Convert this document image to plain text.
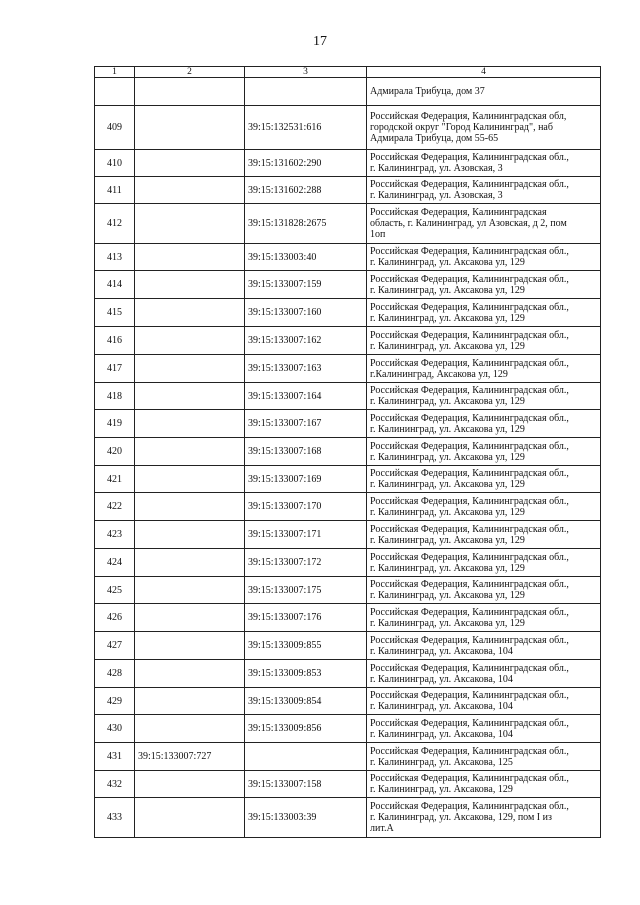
17
1	2	3	4

			Адмирала Трибуца, дом 37

409		39:15:132531:616	Российская Федерация, Калининградская обл,
городской округ "Город Калининград", наб
Адмирала Трибуца, дом 55-65

410		39:15:131602:290	Российская Федерация, Калининградская обл.,
г. Калининград, ул. Азовская, 3

411		39:15:131602:288	Российская Федерация, Калининградская обл.,
г. Калининград, ул. Азовская, 3

412		39:15:131828:2675	Российская Федерация, Калининградская
область, г. Калининград, ул Азовская, д 2, пом
1оп

413		39:15:133003:40	Российская Федерация, Калининградская обл.,
г. Калининград, ул. Аксакова ул, 129

414		39:15:133007:159	Российская Федерация, Калининградская обл.,
г. Калининград, ул. Аксакова ул, 129

415		39:15:133007:160	Российская Федерация, Калининградская обл.,
г. Калининград, ул. Аксакова ул, 129

416		39:15:133007:162	Российская Федерация, Калининградская обл.,
г. Калининград, ул. Аксакова ул, 129

417		39:15:133007:163	Российская Федерация, Калининградская обл.,
г.Калининград, Аксакова ул, 129

418		39:15:133007:164	Российская Федерация, Калининградская обл.,
г. Калининград, ул. Аксакова ул, 129

419		39:15:133007:167	Российская Федерация, Калининградская обл.,
г. Калининград, ул. Аксакова ул, 129

420		39:15:133007:168	Российская Федерация, Калининградская обл.,
г. Калининград, ул. Аксакова ул, 129

421		39:15:133007:169	Российская Федерация, Калининградская обл.,
г. Калининград, ул. Аксакова ул, 129

422		39:15:133007:170	Российская Федерация, Калининградская обл.,
г. Калининград, ул. Аксакова ул, 129

423		39:15:133007:171	Российская Федерация, Калининградская обл.,
г. Калининград, ул. Аксакова ул, 129

424		39:15:133007:172	Российская Федерация, Калининградская обл.,
г. Калининград, ул. Аксакова ул, 129

425		39:15:133007:175	Российская Федерация, Калининградская обл.,
г. Калининград, ул. Аксакова ул, 129

426		39:15:133007:176	Российская Федерация, Калининградская обл.,
г. Калининград, ул. Аксакова ул, 129

427		39:15:133009:855	Российская Федерация, Калининградская обл.,
г. Калининград, ул. Аксакова, 104

428		39:15:133009:853	Российская Федерация, Калининградская обл.,
г. Калининград, ул. Аксакова, 104

429		39:15:133009:854	Российская Федерация, Калининградская обл.,
г. Калининград, ул. Аксакова, 104

430		39:15:133009:856	Российская Федерация, Калининградская обл.,
г. Калининград, ул. Аксакова, 104

431	39:15:133007:727		Российская Федерация, Калининградская обл.,
г. Калининград, ул. Аксакова, 125

432		39:15:133007:158	Российская Федерация, Калининградская обл.,
г. Калининград, ул. Аксакова, 129

433		39:15:133003:39	Российская Федерация, Калининградская обл.,
г. Калининград, ул. Аксакова, 129, пом I из
лит.А
